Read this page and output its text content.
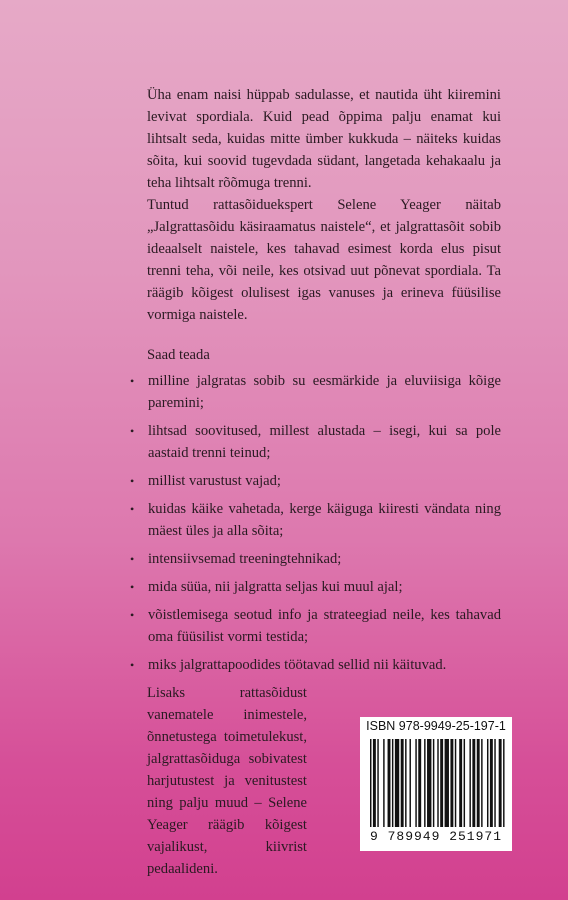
Üha enam naisi hüppab sadulasse, et nautida üht kiiremini levivat spordiala. Kuid pead õppima palju enamat kui lihtsalt seda, kuidas mitte ümber kukkuda – näiteks kuidas sõita, kui soovid tugevdada südant, langetada kehakaalu ja teha lihtsalt rõõmuga trenni.

Tuntud rattasõiduekspert Selene Yeager näitab „Jalgrattasõidu käsiraamatus naistele“, et jalgrattasõit sobib ideaalselt naistele, kes tahavad esimest korda elus pisut trenni teha, või neile, kes otsivad uut põnevat spordiala. Ta räägib kõigest olulisest igas vanuses ja erineva füüsilise vormiga naistele.

Saad teada

• milline jalgratas sobib su eesmärkide ja eluviisiga kõige paremini;
• lihtsad soovitused, millest alustada – isegi, kui sa pole aastaid trenni teinud;
• millist varustust vajad;
• kuidas käike vahetada, kerge käiguga kiiresti vändata ning mäest üles ja alla sõita;
• intensiivsemad treeningtehnikad;
• mida süüa, nii jalgratta seljas kui muul ajal;
• võistlemisega seotud info ja strateegiad neile, kes tahavad oma füüsilist vormi testida;
• miks jalgrattapoodides töötavad sellid nii käituvad.

Lisaks rattasõidust vanematele inimestele, õnnetustega toimetulekust, jalgrattasõiduga sobivatest harjutustest ja venitustest ning palju muud – Selene Yeager räägib kõigest vajalikust, kiivrist pedaalideni.

ISBN 978-9949-25-197-1
9 789949 251971
